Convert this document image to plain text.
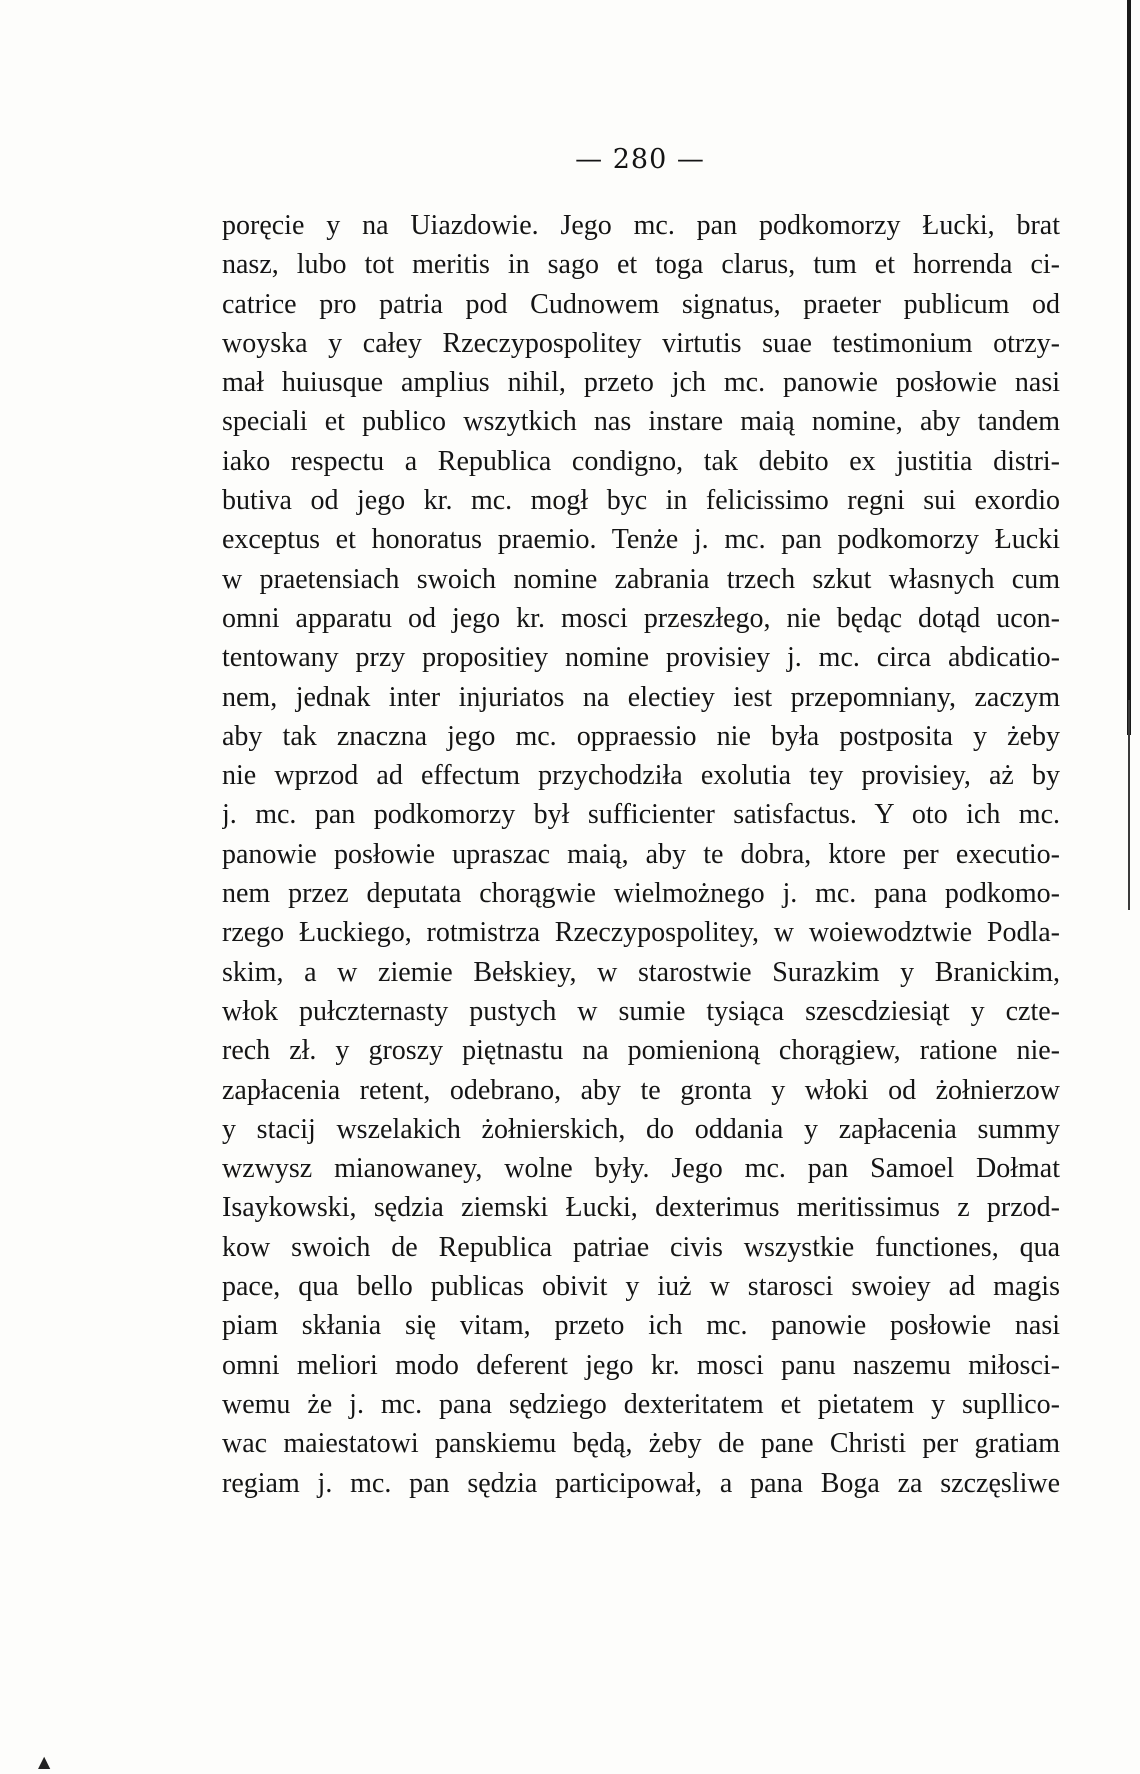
— 280 —
poręcie y na Uiazdowie. Jego mc. pan podkomorzy Łucki, brat
nasz, lubo tot meritis in sago et toga clarus, tum et horrenda ci-
catrice pro patria pod Cudnowem signatus, praeter publicum od
woyska y całey Rzeczypospolitey virtutis suae testimonium otrzy-
mał huiusque amplius nihil, przeto jch mc. panowie posłowie nasi
speciali et publico wszytkich nas instare maią nomine, aby tandem
iako respectu a Republica condigno, tak debito ex justitia distri-
butiva od jego kr. mc. mogł byc in felicissimo regni sui exordio
exceptus et honoratus praemio. Tenże j. mc. pan podkomorzy Łucki
w praetensiach swoich nomine zabrania trzech szkut własnych cum
omni apparatu od jego kr. mosci przeszłego, nie będąc dotąd ucon-
tentowany przy propositiey nomine provisiey j. mc. circa abdicatio-
nem, jednak inter injuriatos na electiey iest przepomniany, zaczym
aby tak znaczna jego mc. oppraessio nie była postposita y żeby
nie wprzod ad effectum przychodziła exolutia tey provisiey, aż by
j. mc. pan podkomorzy był sufficienter satisfactus. Y oto ich mc.
panowie posłowie upraszac maią, aby te dobra, ktore per executio-
nem przez deputata chorągwie wielmożnego j. mc. pana podkomo-
rzego Łuckiego, rotmistrza Rzeczypospolitey, w woiewodztwie Podla-
skim, a w ziemie Bełskiey, w starostwie Surazkim y Branickim,
włok pułczternasty pustych w sumie tysiąca szescdziesiąt y czte-
rech zł. y groszy piętnastu na pomienioną chorągiew, ratione nie-
zapłacenia retent, odebrano, aby te gronta y włoki od żołnierzow
y stacij wszelakich żołnierskich, do oddania y zapłacenia summy
wzwysz mianowaney, wolne były. Jego mc. pan Samoel Dołmat
Isaykowski, sędzia ziemski Łucki, dexterimus meritissimus z przod-
kow swoich de Republica patriae civis wszystkie functiones, qua
pace, qua bello publicas obivit y iuż w starosci swoiey ad magis
piam skłania się vitam, przeto ich mc. panowie posłowie nasi
omni meliori modo deferent jego kr. mosci panu naszemu miłosci-
wemu że j. mc. pana sędziego dexteritatem et pietatem y supllico-
wac maiestatowi panskiemu będą, żeby de pane Christi per gratiam
regiam j. mc. pan sędzia participował, a pana Boga za szczęsliwe
▲
